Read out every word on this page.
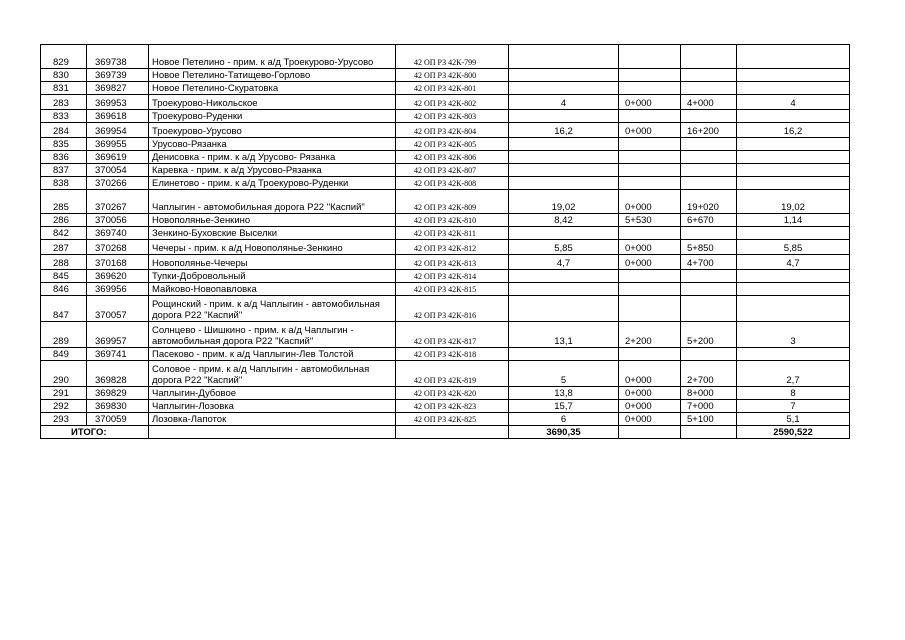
829	369738	Новое Петелино - прим. к а/д Троекурово-Урусово	42 ОП РЗ 42К-799				
830	369739	Новое Петелино-Татищево-Горлово	42 ОП РЗ 42К-800				
831	369827	Новое Петелино-Скуратовка	42 ОП РЗ 42К-801				
283	369953	Троекурово-Никольское	42 ОП РЗ 42К-802	4	0+000	4+000	4
833	369618	Троекурово-Руденки	42 ОП РЗ 42К-803				
284	369954	Троекурово-Урусово	42 ОП РЗ 42К-804	16,2	0+000	16+200	16,2
835	369955	Урусово-Рязанка	42 ОП РЗ 42К-805				
836	369619	Денисовка - прим. к а/д Урусово- Рязанка	42 ОП РЗ 42К-806				
837	370054	Каревка - прим. к а/д Урусово-Рязанка	42 ОП РЗ 42К-807				
838	370266	Елинетово - прим. к а/д Троекурово-Руденки	42 ОП РЗ 42К-808				
285	370267	Чаплыгин - автомобильная дорога Р22 "Каспий"	42 ОП РЗ 42К-809	19,02	0+000	19+020	19,02
286	370056	Новополянье-Зенкино	42 ОП РЗ 42К-810	8,42	5+530	6+670	1,14
842	369740	Зенкино-Буховские Выселки	42 ОП РЗ 42К-811				
287	370268	Чечеры - прим. к а/д Новополянье-Зенкино	42 ОП РЗ 42К-812	5,85	0+000	5+850	5,85
288	370168	Новополянье-Чечеры	42 ОП РЗ 42К-813	4,7	0+000	4+700	4,7
845	369620	Тупки-Добровольный	42 ОП РЗ 42К-814				
846	369956	Майково-Новопавловка	42 ОП РЗ 42К-815				
847	370057	Рощинский - прим. к а/д Чаплыгин - автомобильная дорога Р22 "Каспий"	42 ОП РЗ 42К-816				
289	369957	Солнцево - Шишкино - прим. к а/д Чаплыгин - автомобильная дорога Р22 "Каспий"	42 ОП РЗ 42К-817	13,1	2+200	5+200	3
849	369741	Пасеково - прим. к а/д Чаплыгин-Лев Толстой	42 ОП РЗ 42К-818				
290	369828	Соловое - прим. к а/д Чаплыгин - автомобильная дорога Р22 "Каспий"	42 ОП РЗ 42К-819	5	0+000	2+700	2,7
291	369829	Чаплыгин-Дубовое	42 ОП РЗ 42К-820	13,8	0+000	8+000	8
292	369830	Чаплыгин-Лозовка	42 ОП РЗ 42К-823	15,7	0+000	7+000	7
293	370059	Лозовка-Лапоток	42 ОП РЗ 42К-825	6	0+000	5+100	5,1
ИТОГО:				3690,35			2590,522
